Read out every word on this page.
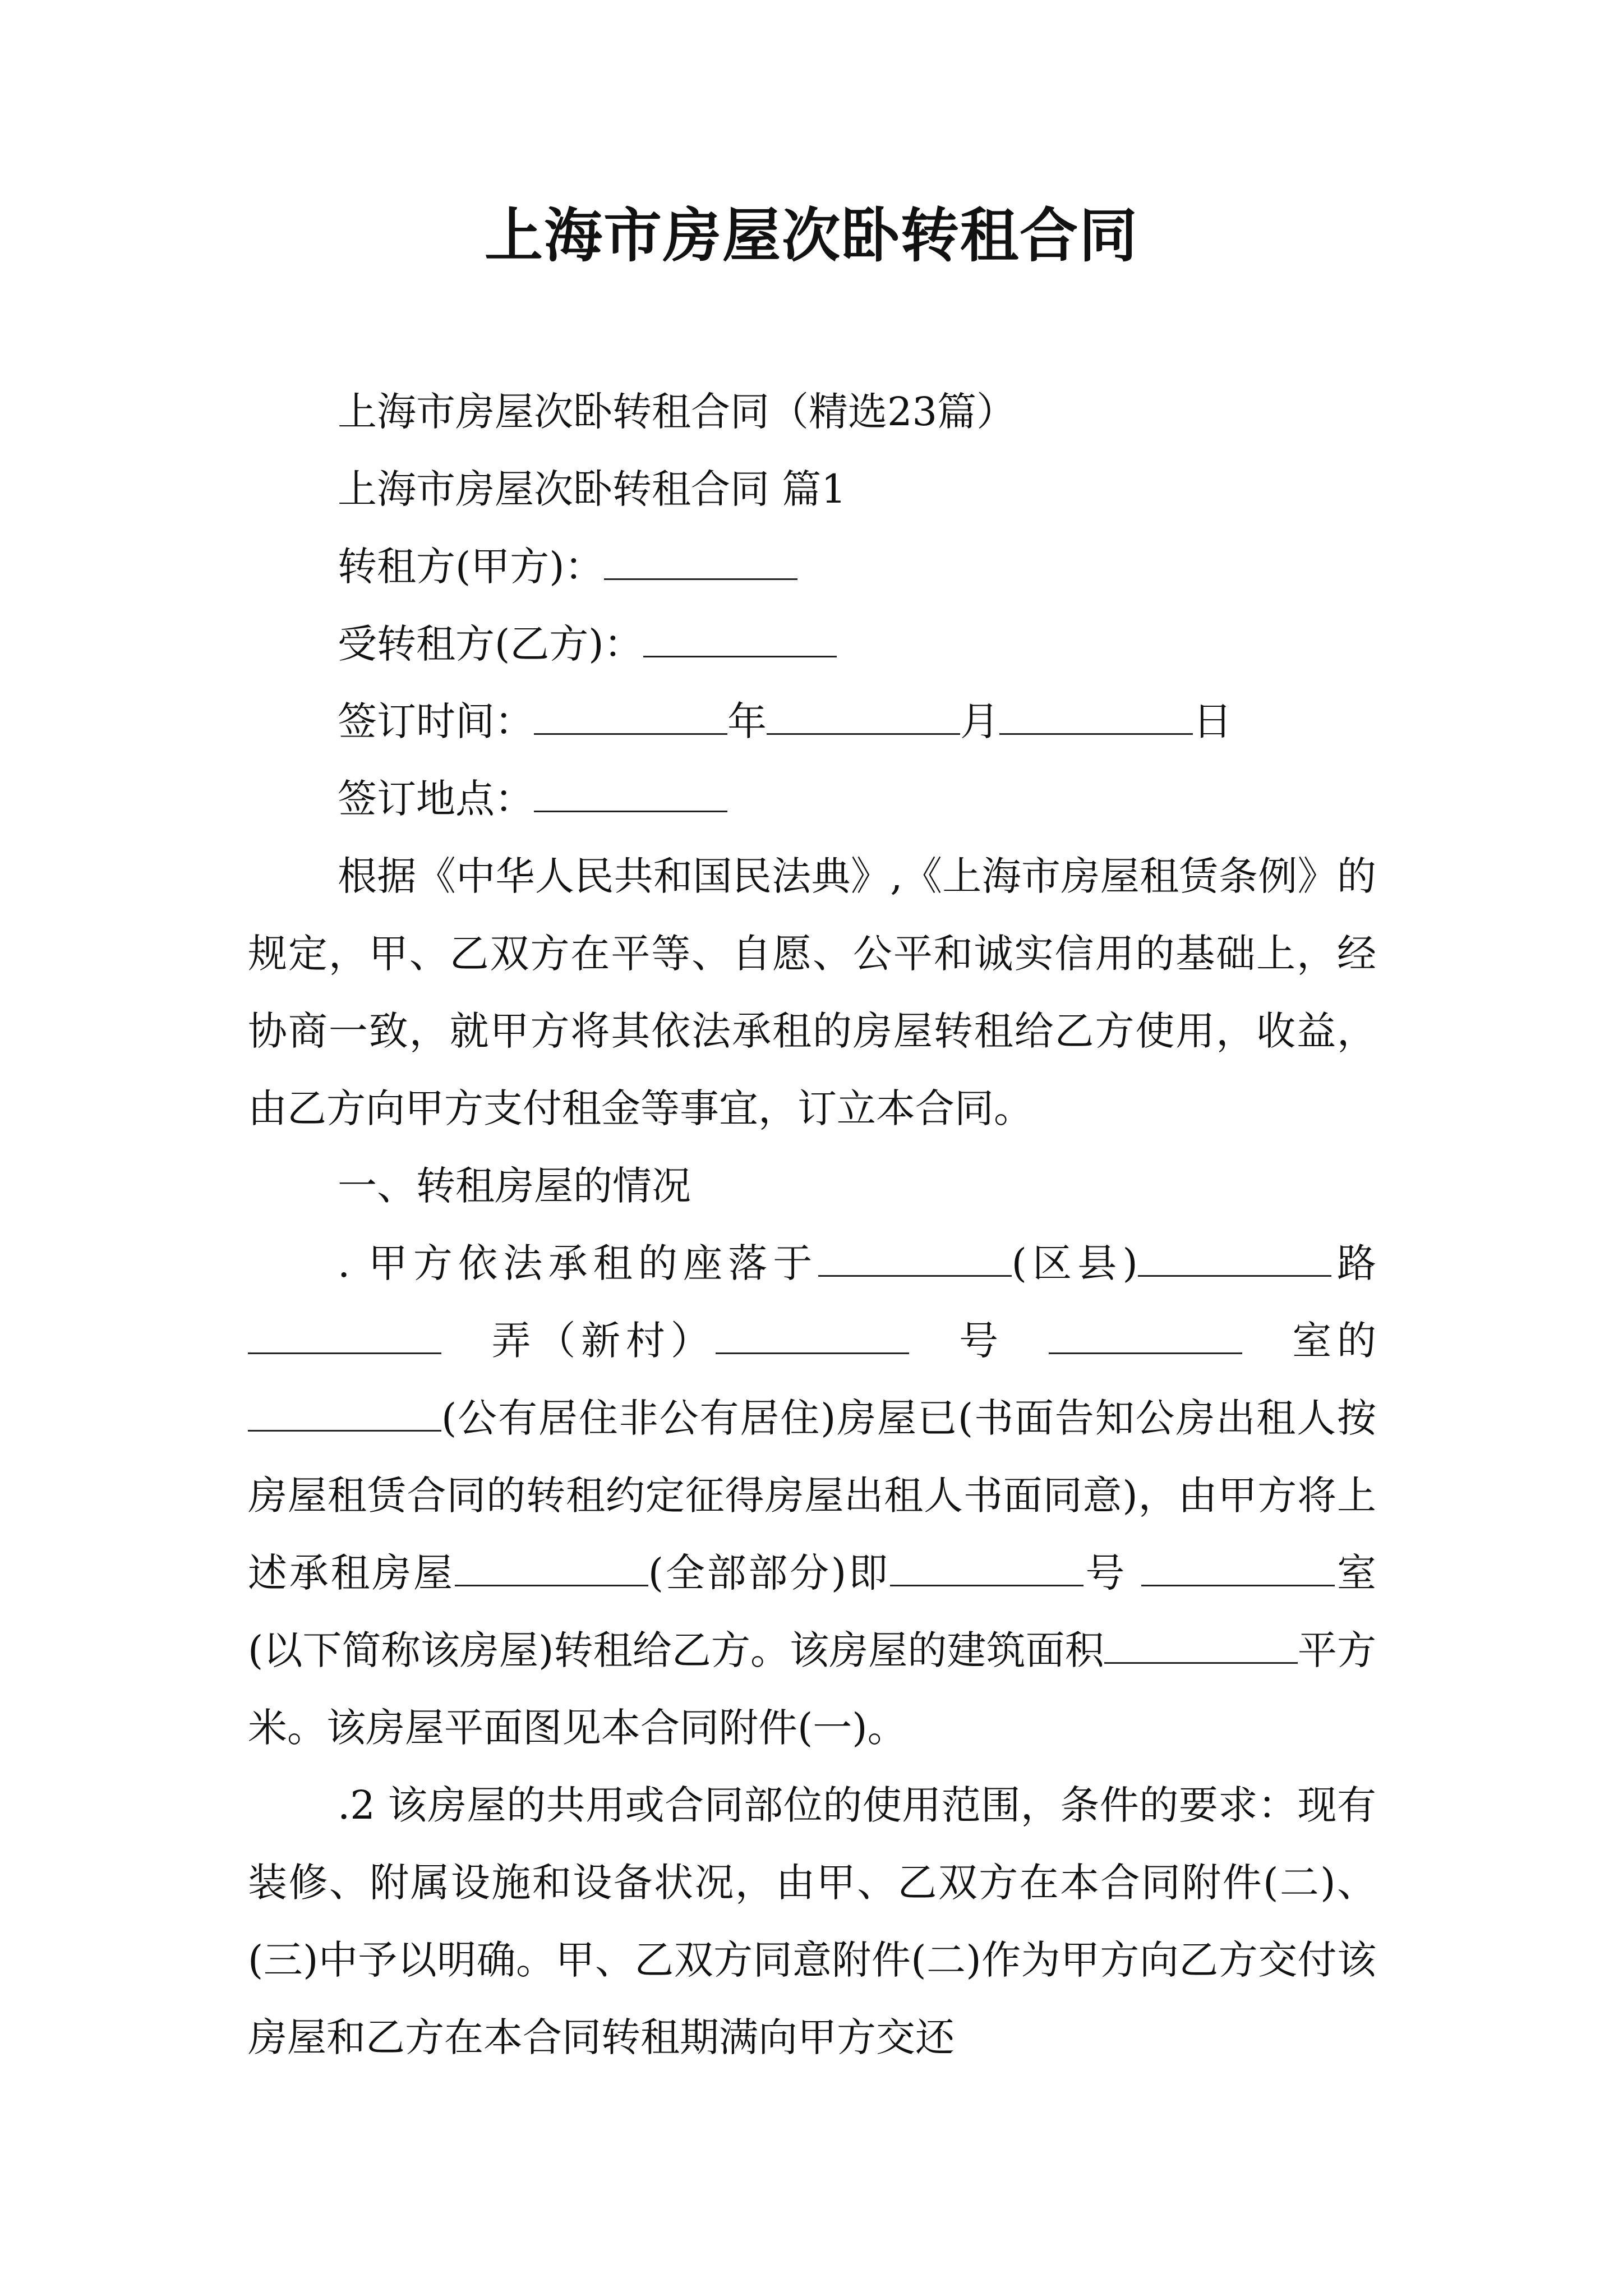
上海市房屋次卧转租合同
上海市房屋次卧转租合同（精选23篇）
上海市房屋次卧转租合同 篇1
转租方(甲方)：
受转租方(乙方)：
签订时间：	年	月	日
签订地点：
根据《中华人民共和国民法典》,《上海市房屋租赁条例》的规定，甲、乙双方在平等、自愿、公平和诚实信用的基础上，经协商一致，就甲方将其依法承租的房屋转租给乙方使用，收益，由乙方向甲方支付租金等事宜，订立本合同。
一、转租房屋的情况
. 甲方依法承租的座落于	(区县)	路 　弄（新村）　	号　　	室的 (公有居住非公有居住)房屋已(书面告知公房出租人按房屋租赁合同的转租约定征得房屋出租人书面同意)，由甲方将上述承租房屋	(全部部分)即	号	室(以下简称该房屋)转租给乙方。该房屋的建筑面积	平方米。该房屋平面图见本合同附件(一)。
.2 该房屋的共用或合同部位的使用范围，条件的要求：现有装修、附属设施和设备状况，由甲、乙双方在本合同附件(二)、(三)中予以明确。甲、乙双方同意附件(二)作为甲方向乙方交付该房屋和乙方在本合同转租期满向甲方交还
